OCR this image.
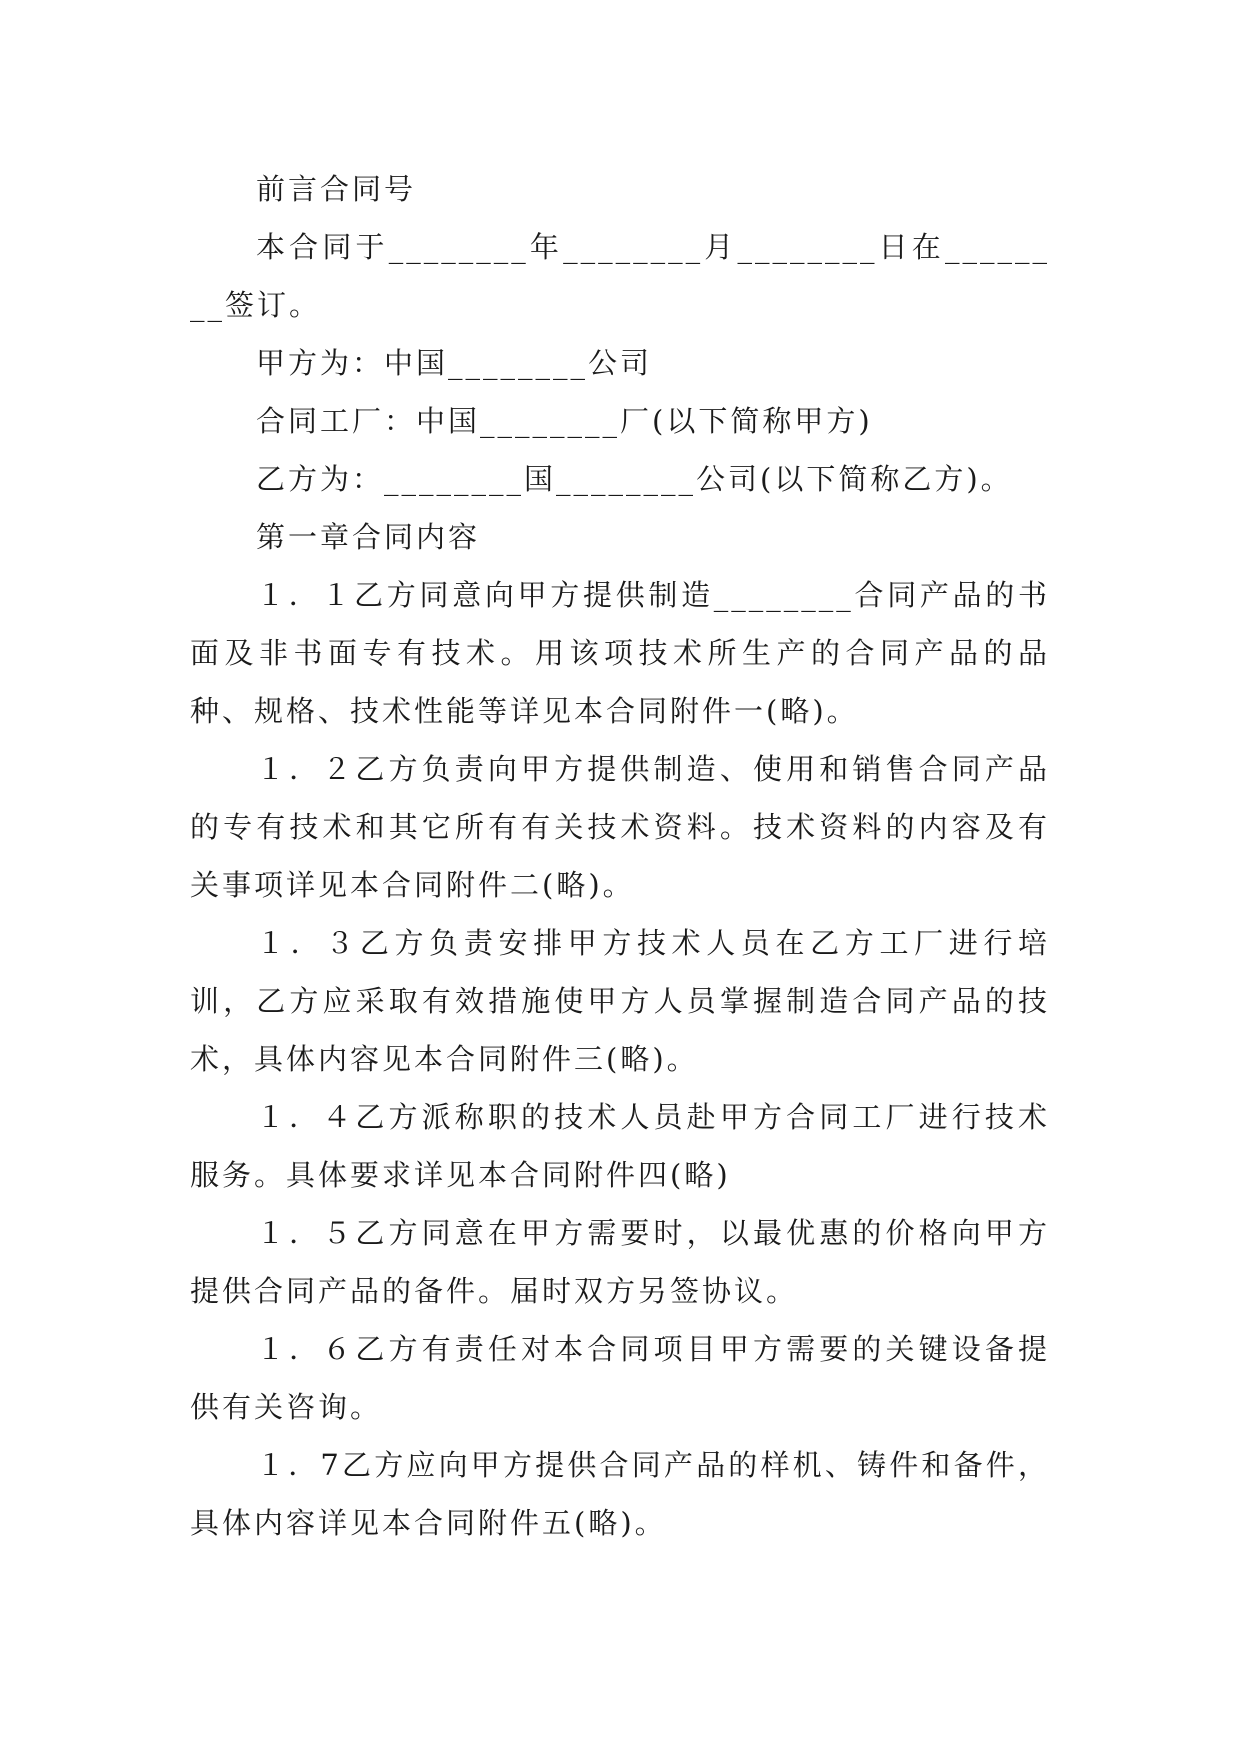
前言合同号

本合同于________年________月________日在________签订。

甲方为：中国________公司

合同工厂：中国________厂(以下简称甲方)

乙方为：________国________公司(以下简称乙方)。

第一章合同内容

１．１乙方同意向甲方提供制造________合同产品的书面及非书面专有技术。用该项技术所生产的合同产品的品种、规格、技术性能等详见本合同附件一(略)。

１．２乙方负责向甲方提供制造、使用和销售合同产品的专有技术和其它所有有关技术资料。技术资料的内容及有关事项详见本合同附件二(略)。

１．３乙方负责安排甲方技术人员在乙方工厂进行培训，乙方应采取有效措施使甲方人员掌握制造合同产品的技术，具体内容见本合同附件三(略)。

１．４乙方派称职的技术人员赴甲方合同工厂进行技术服务。具体要求详见本合同附件四(略)

１．５乙方同意在甲方需要时，以最优惠的价格向甲方提供合同产品的备件。届时双方另签协议。

１．６乙方有责任对本合同项目甲方需要的关键设备提供有关咨询。

１．7乙方应向甲方提供合同产品的样机、铸件和备件，具体内容详见本合同附件五(略)。
